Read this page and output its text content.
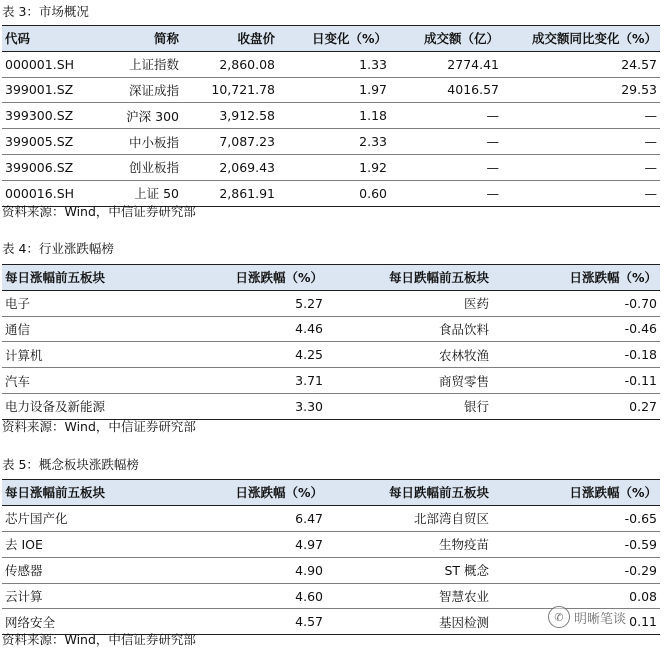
表 3：市场概况
代码	简称	收盘价	日变化（%）	成交额（亿）	成交额同比变化（%）
000001.SH	上证指数	2,860.08	1.33	2774.41	24.57
399001.SZ	深证成指	10,721.78	1.97	4016.57	29.53
399300.SZ	沪深 300	3,912.58	1.18	—	—
399005.SZ	中小板指	7,087.23	2.33	—	—
399006.SZ	创业板指	2,069.43	1.92	—	—
000016.SH	上证 50	2,861.91	0.60	—	—
资料来源：Wind，中信证券研究部
表 4：行业涨跌幅榜
每日涨幅前五板块	日涨跌幅（%）	每日跌幅前五板块	日涨跌幅（%）
电子	5.27	医药	-0.70
通信	4.46	食品饮料	-0.46
计算机	4.25	农林牧渔	-0.18
汽车	3.71	商贸零售	-0.11
电力设备及新能源	3.30	银行	0.27
资料来源：Wind，中信证券研究部
表 5：概念板块涨跌幅榜
每日涨幅前五板块	日涨跌幅（%）	每日跌幅前五板块	日涨跌幅（%）
芯片国产化	6.47	北部湾自贸区	-0.65
去 IOE	4.97	生物疫苗	-0.59
传感器	4.90	ST 概念	-0.29
云计算	4.60	智慧农业	0.08
网络安全	4.57	基因检测	0.11
资料来源：Wind，中信证券研究部
✆ 明晰笔谈
